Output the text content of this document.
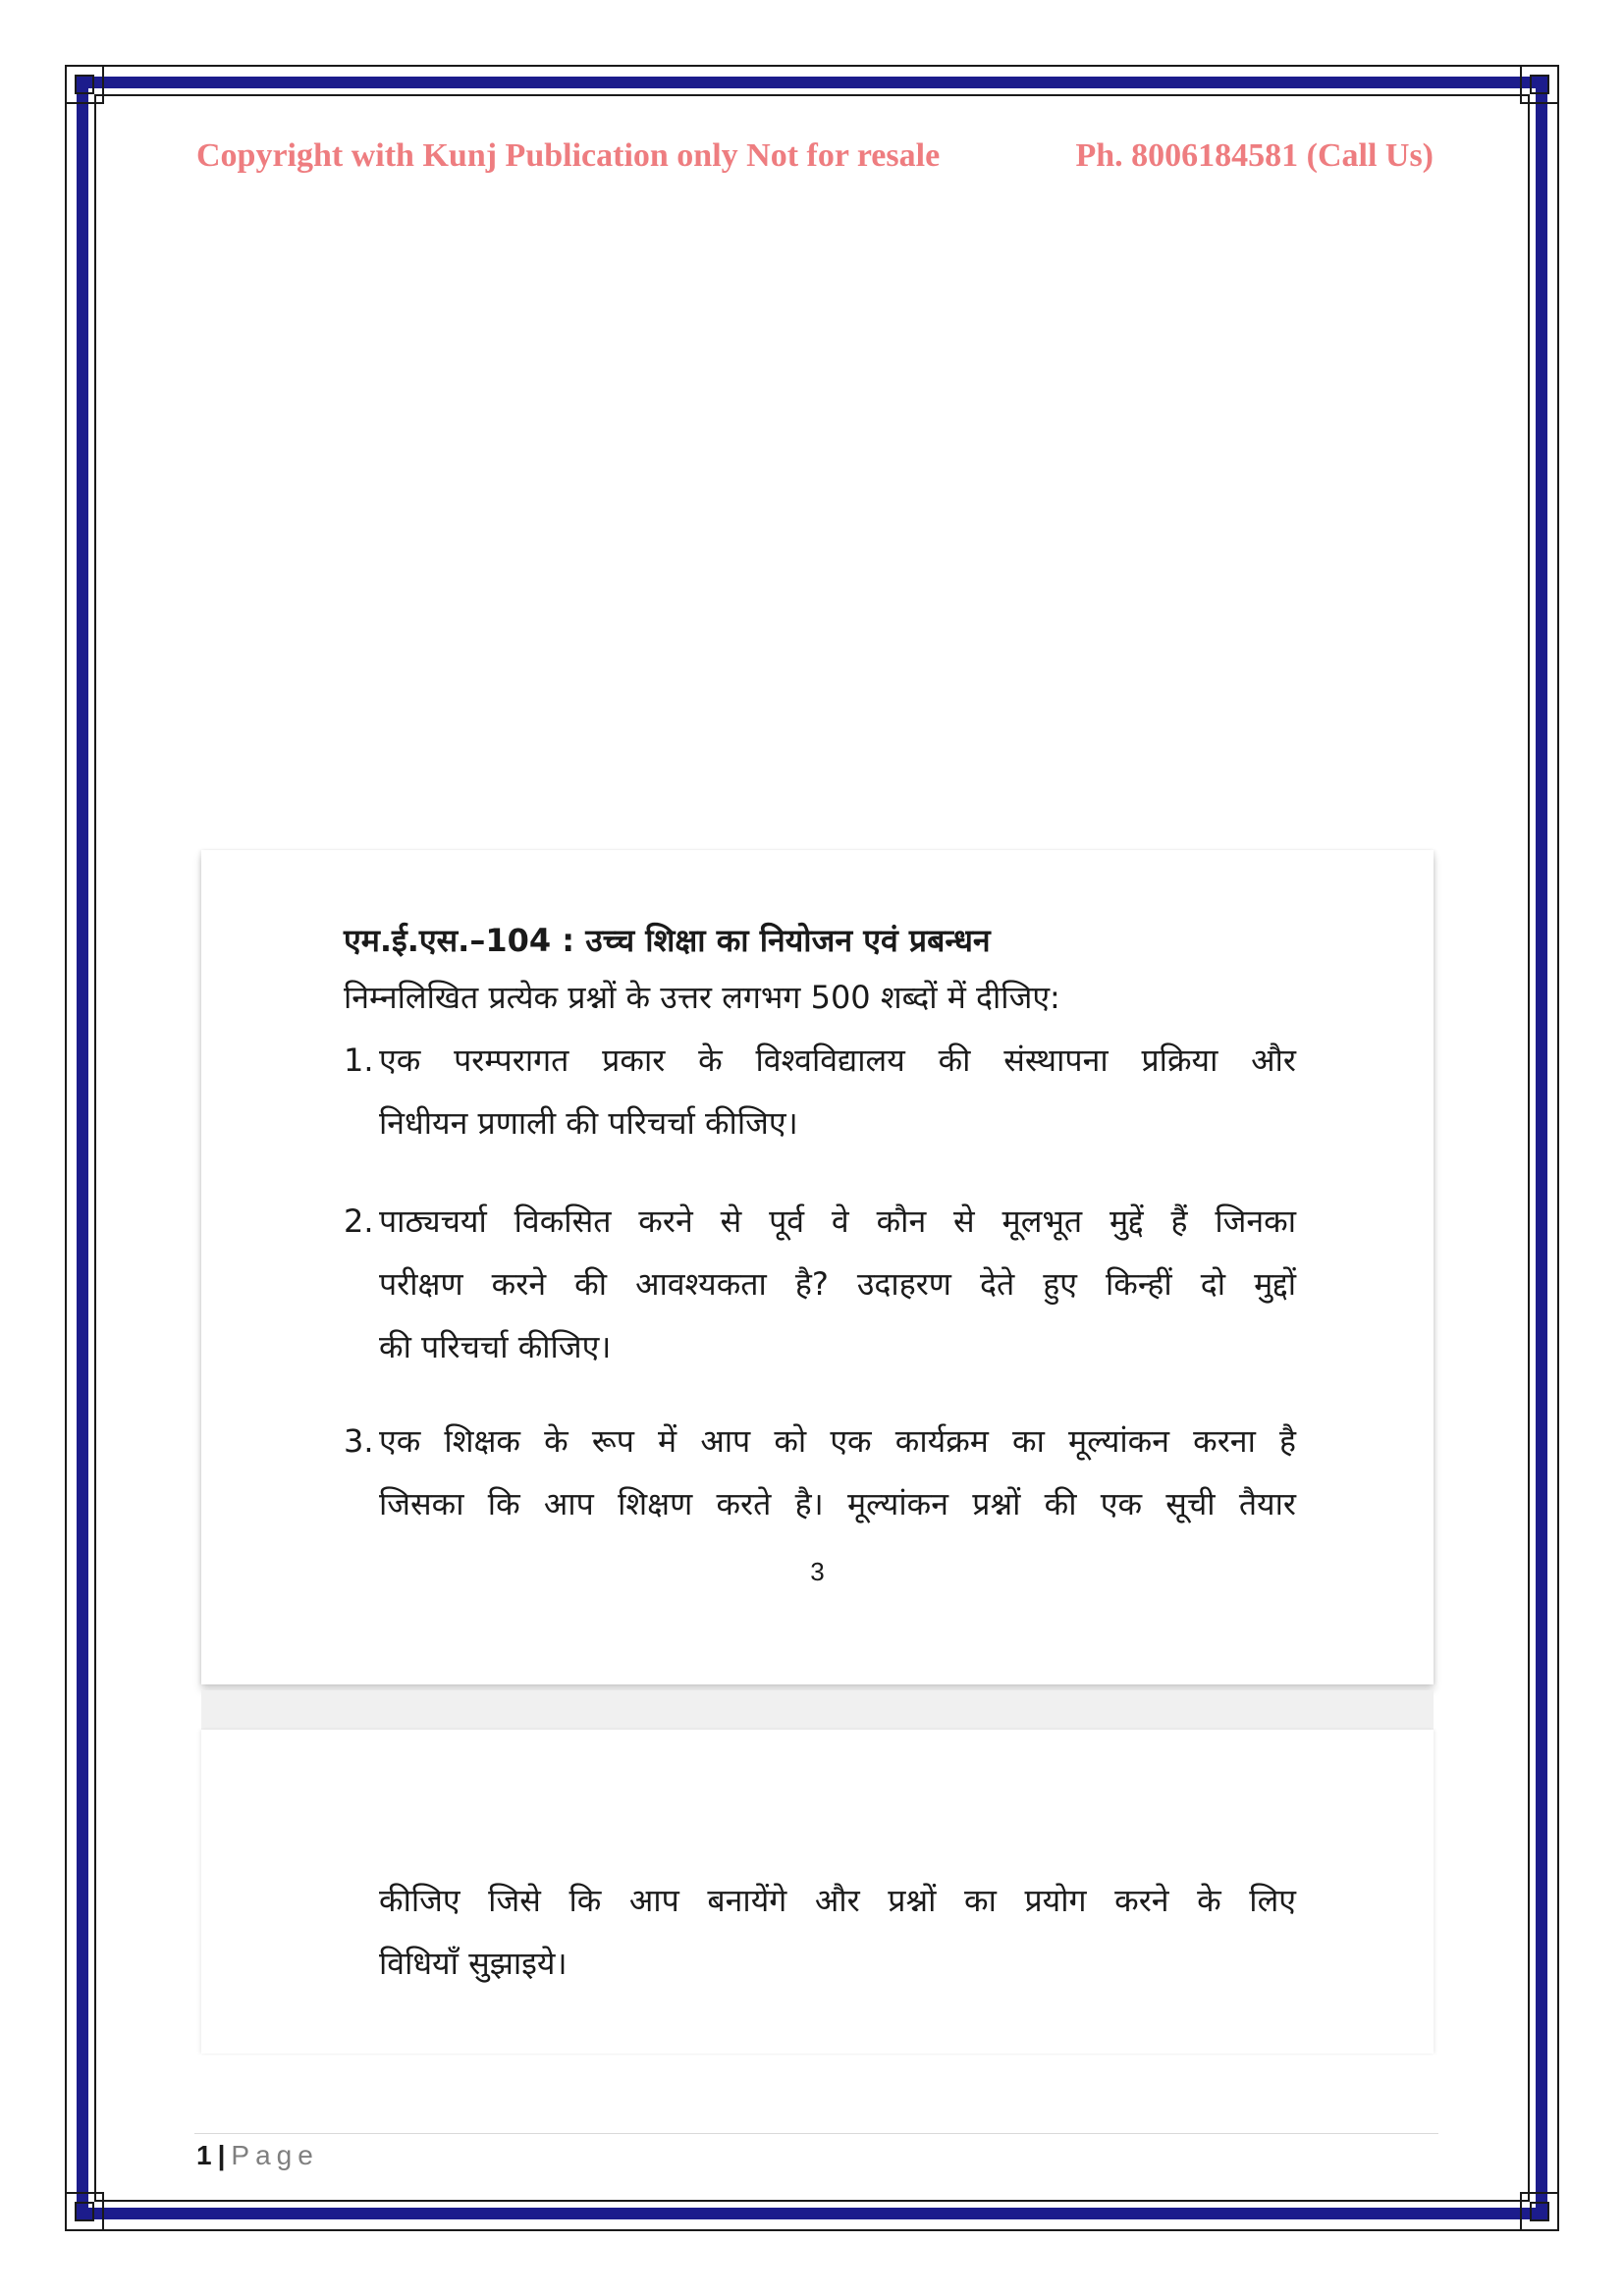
Copyright with Kunj Publication only Not for resale	Ph. 8006184581 (Call Us)

एम.ई.एस.–104 : उच्च शिक्षा का नियोजन एवं प्रबन्धन

निम्नलिखित प्रत्येक प्रश्नों के उत्तर लगभग 500 शब्दों में दीजिए:

1. एक परम्परागत प्रकार के विश्वविद्यालय की संस्थापना प्रक्रिया और
निधीयन प्रणाली की परिचर्चा कीजिए।
2. पाठ्यचर्या विकसित करने से पूर्व वे कौन से मूलभूत मुद्दें हैं जिनका
परीक्षण करने की आवश्यकता है? उदाहरण देते हुए किन्हीं दो मुद्दों
की परिचर्चा कीजिए।
3. एक शिक्षक के रूप में आप को एक कार्यक्रम का मूल्यांकन करना है
जिसका कि आप शिक्षण करते है। मूल्यांकन प्रश्नों की एक सूची तैयार
3
कीजिए जिसे कि आप बनायेंगे और प्रश्नों का प्रयोग करने के लिए
विधियाँ सुझाइये।
1 | Page
